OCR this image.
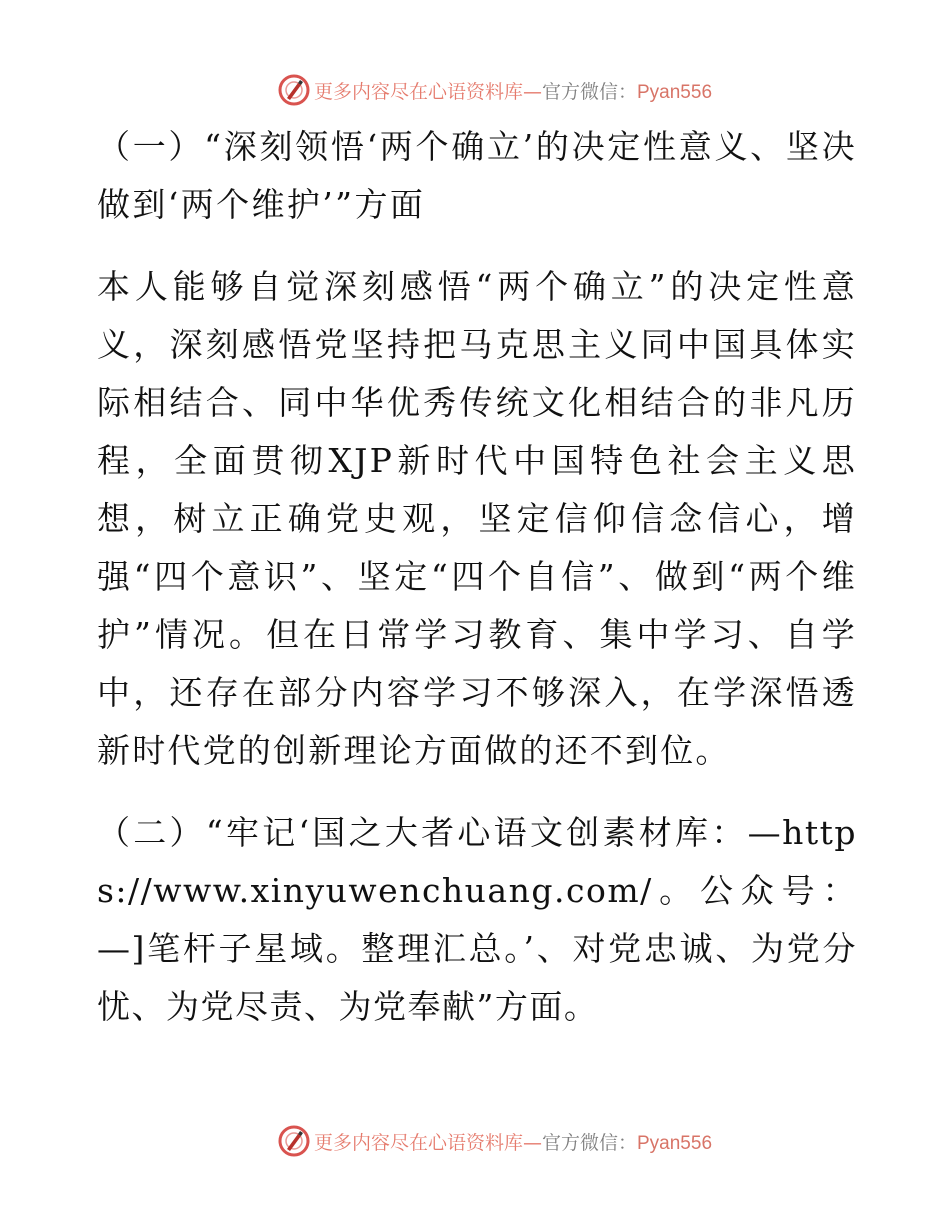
更多内容尽在心语资料库—官方微信：Pyan556

（一）“深刻领悟‘两个确立’的决定性意义、坚决做到‘两个维护’”方面

本人能够自觉深刻感悟“两个确立”的决定性意义，深刻感悟党坚持把马克思主义同中国具体实际相结合、同中华优秀传统文化相结合的非凡历程，全面贯彻XJP新时代中国特色社会主义思想，树立正确党史观，坚定信仰信念信心，增强“四个意识”、坚定“四个自信”、做到“两个维护”情况。但在日常学习教育、集中学习、自学中，还存在部分内容学习不够深入，在学深悟透新时代党的创新理论方面做的还不到位。

（二）“牢记‘国之大者心语文创素材库：—https://www.xinyuwenchuang.com/。公众号：—]笔杆子星域。整理汇总。’、对党忠诚、为党分忧、为党尽责、为党奉献”方面。

更多内容尽在心语资料库—官方微信：Pyan556
